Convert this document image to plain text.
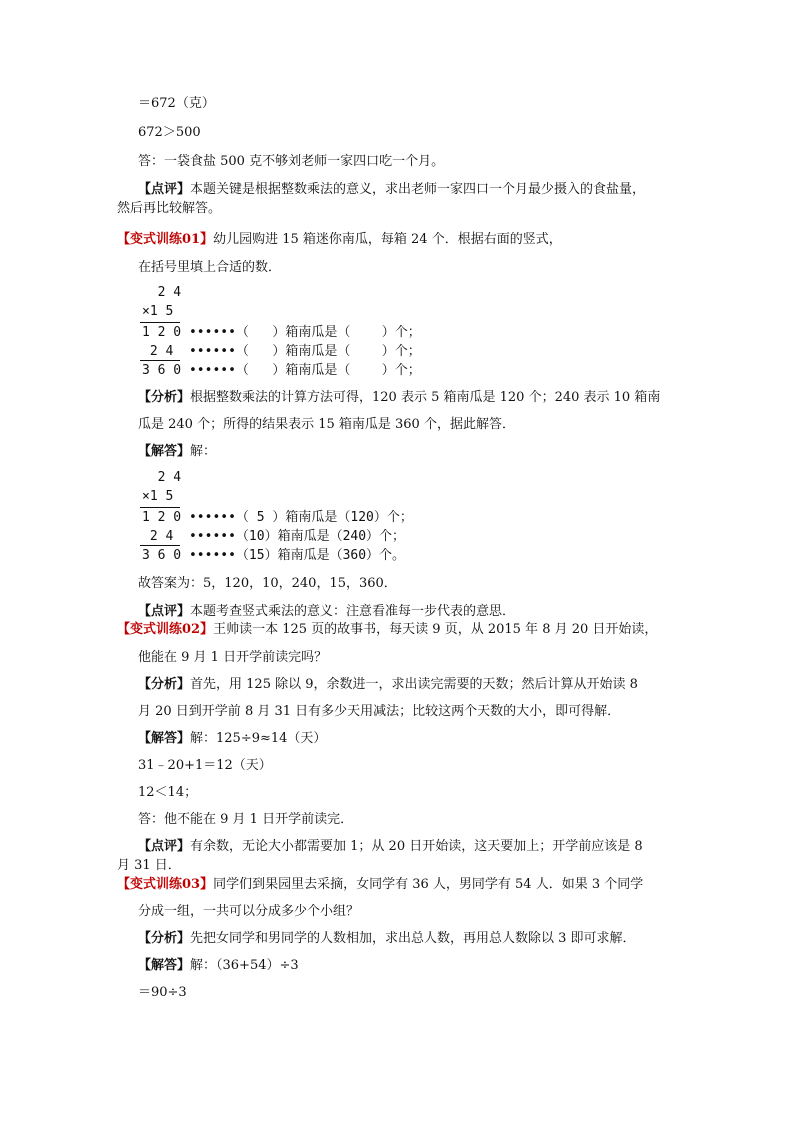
＝672（克）
672＞500
答：一袋食盐 500 克不够刘老师一家四口吃一个月。
【点评】本题关键是根据整数乘法的意义，求出老师一家四口一个月最少摄入的食盐量，
然后再比较解答。
【变式训练01】幼儿园购进 15 箱迷你南瓜，每箱 24 个．根据右面的竖式，
在括号里填上合适的数．
2 4
×1 5
1 2 0 ••••••（   ）箱南瓜是（    ）个；
2 4  ••••••（   ）箱南瓜是（    ）个；
3 6 0 ••••••（   ）箱南瓜是（    ）个；
【分析】根据整数乘法的计算方法可得，120 表示 5 箱南瓜是 120 个；240 表示 10 箱南
瓜是 240 个；所得的结果表示 15 箱南瓜是 360 个，据此解答．
【解答】解：
2 4
×1 5
1 2 0 ••••••（ 5 ）箱南瓜是（120）个；
2 4  ••••••（10）箱南瓜是（240）个；
3 6 0 ••••••（15）箱南瓜是（360）个。
故答案为：5，120，10，240，15，360．
【点评】本题考查竖式乘法的意义：注意看准每一步代表的意思．
【变式训练02】王帅读一本 125 页的故事书，每天读 9 页，从 2015 年 8 月 20 日开始读，
他能在 9 月 1 日开学前读完吗？
【分析】首先，用 125 除以 9，余数进一，求出读完需要的天数；然后计算从开始读 8
月 20 日到开学前 8 月 31 日有多少天用减法；比较这两个天数的大小，即可得解．
【解答】解：125÷9≈14（天）
31﹣20+1＝12（天）
12＜14；
答：他不能在 9 月 1 日开学前读完．
【点评】有余数，无论大小都需要加 1；从 20 日开始读，这天要加上；开学前应该是 8
月 31 日．
【变式训练03】同学们到果园里去采摘，女同学有 36 人，男同学有 54 人．如果 3 个同学
分成一组，一共可以分成多少个小组？
【分析】先把女同学和男同学的人数相加，求出总人数，再用总人数除以 3 即可求解．
【解答】解：（36+54）÷3
＝90÷3
